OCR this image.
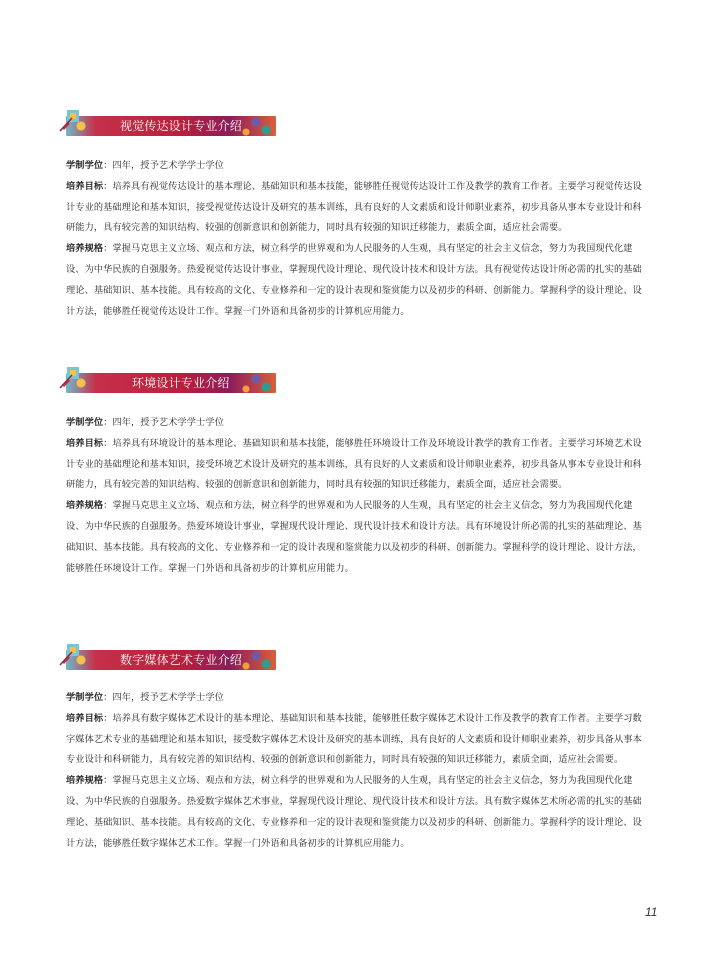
视觉传达设计专业介绍

学制学位：四年，授予艺术学学士学位

培养目标：培养具有视觉传达设计的基本理论、基础知识和基本技能，能够胜任视觉传达设计工作及教学的教育工作者。主要学习视觉传达设计专业的基础理论和基本知识，接受视觉传达设计及研究的基本训练，具有良好的人文素质和设计师职业素养，初步具备从事本专业设计和科研能力，具有较完善的知识结构、较强的创新意识和创新能力，同时具有较强的知识迁移能力，素质全面，适应社会需要。

培养规格：掌握马克思主义立场、观点和方法，树立科学的世界观和为人民服务的人生观，具有坚定的社会主义信念，努力为我国现代化建设、为中华民族的自强服务。热爱视觉传达设计事业，掌握现代设计理论、现代设计技术和设计方法。具有视觉传达设计所必需的扎实的基础理论、基础知识、基本技能。具有较高的文化、专业修养和一定的设计表现和鉴赏能力以及初步的科研、创新能力。掌握科学的设计理论、设计方法，能够胜任视觉传达设计工作。掌握一门外语和具备初步的计算机应用能力。

环境设计专业介绍

学制学位：四年，授予艺术学学士学位

培养目标：培养具有环境设计的基本理论、基础知识和基本技能，能够胜任环境设计工作及环境设计教学的教育工作者。主要学习环境艺术设计专业的基础理论和基本知识，接受环境艺术设计及研究的基本训练，具有良好的人文素质和设计师职业素养，初步具备从事本专业设计和科研能力，具有较完善的知识结构、较强的创新意识和创新能力，同时具有较强的知识迁移能力，素质全面，适应社会需要。

培养规格：掌握马克思主义立场、观点和方法，树立科学的世界观和为人民服务的人生观，具有坚定的社会主义信念，努力为我国现代化建设、为中华民族的自强服务。热爱环境设计事业，掌握现代设计理论、现代设计技术和设计方法。具有环境设计所必需的扎实的基础理论、基础知识、基本技能。具有较高的文化、专业修养和一定的设计表现和鉴赏能力以及初步的科研、创新能力。掌握科学的设计理论、设计方法，能够胜任环境设计工作。掌握一门外语和具备初步的计算机应用能力。

数字媒体艺术专业介绍

学制学位：四年，授予艺术学学士学位

培养目标：培养具有数字媒体艺术设计的基本理论、基础知识和基本技能，能够胜任数字媒体艺术设计工作及教学的教育工作者。主要学习数字媒体艺术专业的基础理论和基本知识，接受数字媒体艺术设计及研究的基本训练，具有良好的人文素质和设计师职业素养，初步具备从事本专业设计和科研能力，具有较完善的知识结构、较强的创新意识和创新能力，同时具有较强的知识迁移能力，素质全面，适应社会需要。

培养规格：掌握马克思主义立场、观点和方法，树立科学的世界观和为人民服务的人生观，具有坚定的社会主义信念，努力为我国现代化建设、为中华民族的自强服务。热爱数字媒体艺术事业，掌握现代设计理论、现代设计技术和设计方法。具有数字媒体艺术所必需的扎实的基础理论、基础知识、基本技能。具有较高的文化、专业修养和一定的设计表现和鉴赏能力以及初步的科研、创新能力。掌握科学的设计理论、设计方法，能够胜任数字媒体艺术工作。掌握一门外语和具备初步的计算机应用能力。

11
